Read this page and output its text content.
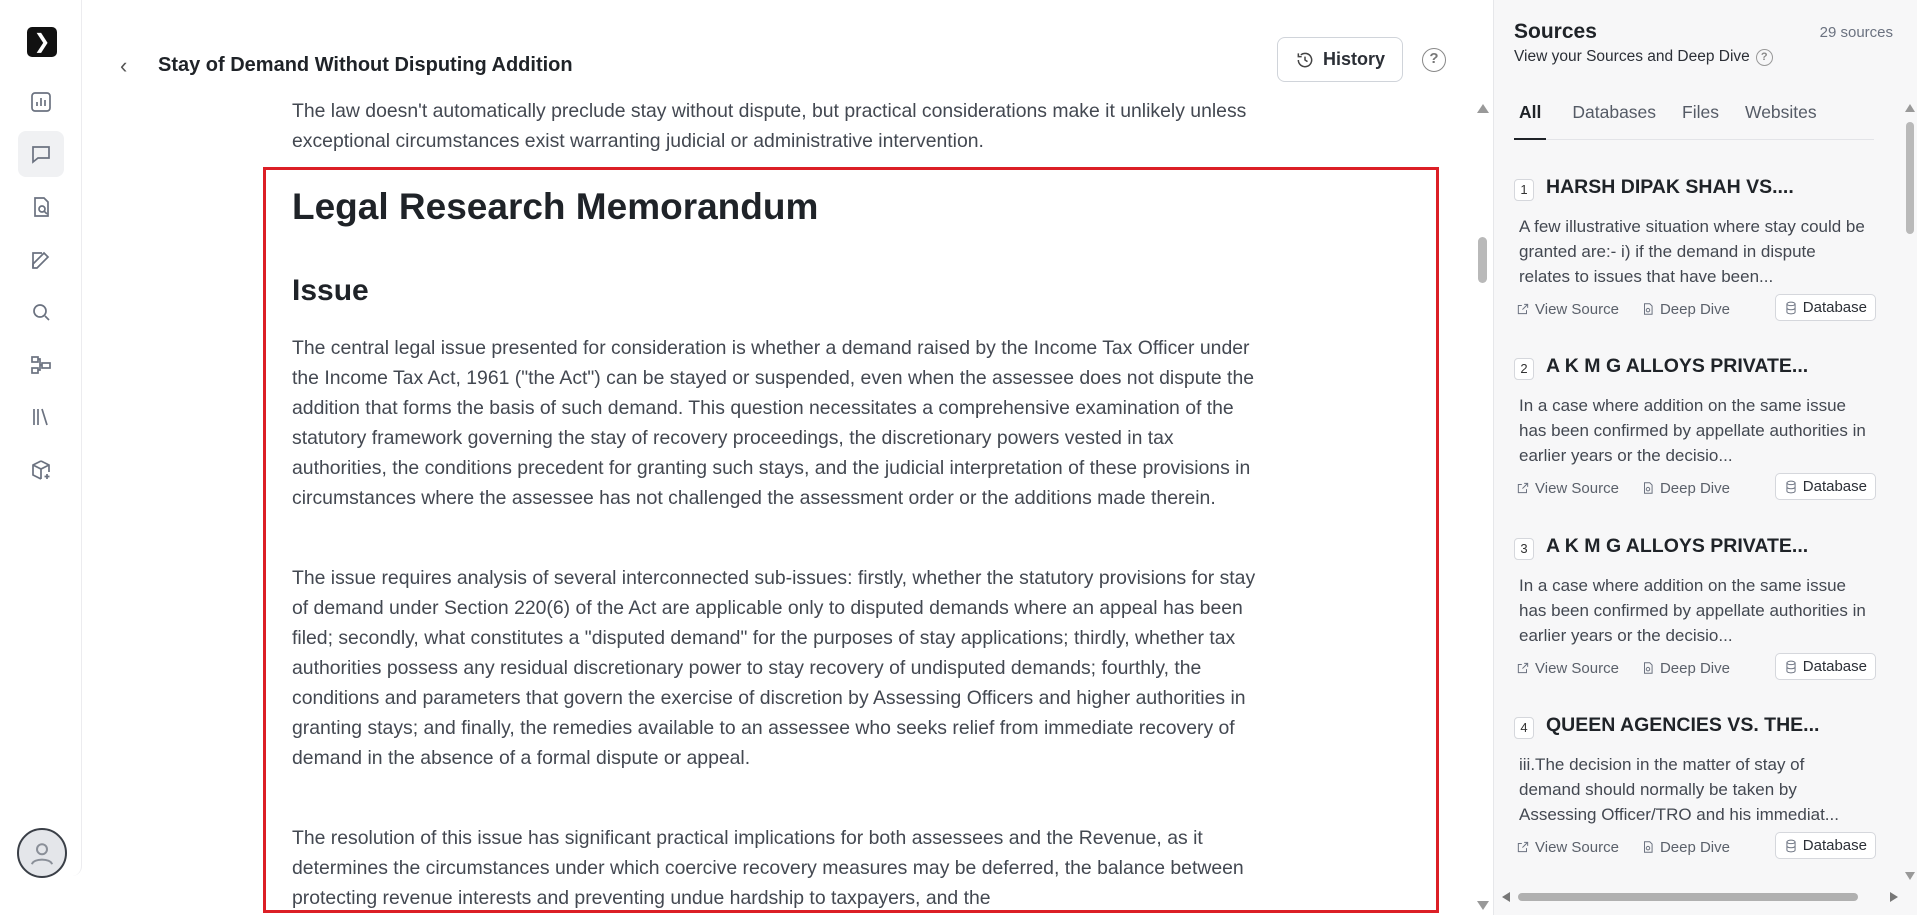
❯
‹	Stay of Demand Without Disputing Addition	History	?
The law doesn't automatically preclude stay without dispute, but practical considerations make it unlikely unless exceptional circumstances exist warranting judicial or administrative intervention.
Legal Research Memorandum
Issue
The central legal issue presented for consideration is whether a demand raised by the Income Tax Officer under the Income Tax Act, 1961 ("the Act") can be stayed or suspended, even when the assessee does not dispute the addition that forms the basis of such demand. This question necessitates a comprehensive examination of the statutory framework governing the stay of recovery proceedings, the discretionary powers vested in tax authorities, the conditions precedent for granting such stays, and the judicial interpretation of these provisions in circumstances where the assessee has not challenged the assessment order or the additions made therein.
The issue requires analysis of several interconnected sub-issues: firstly, whether the statutory provisions for stay of demand under Section 220(6) of the Act are applicable only to disputed demands where an appeal has been filed; secondly, what constitutes a "disputed demand" for the purposes of stay applications; thirdly, whether tax authorities possess any residual discretionary power to stay recovery of undisputed demands; fourthly, the conditions and parameters that govern the exercise of discretion by Assessing Officers and higher authorities in granting stays; and finally, the remedies available to an assessee who seeks relief from immediate recovery of demand in the absence of a formal dispute or appeal.
The resolution of this issue has significant practical implications for both assessees and the Revenue, as it determines the circumstances under which coercive recovery measures may be deferred, the balance between protecting revenue interests and preventing undue hardship to taxpayers, and the
Sources	29 sources
View your Sources and Deep Dive	?
All Databases Files Websites
1 HARSH DIPAK SHAH VS....
A few illustrative situation where stay could be granted are:- i) if the demand in dispute relates to issues that have been...
View Source	Deep Dive	Database
2 A K M G ALLOYS PRIVATE...
In a case where addition on the same issue has been confirmed by appellate authorities in earlier years or the decisio...
View Source	Deep Dive	Database
3 A K M G ALLOYS PRIVATE...
In a case where addition on the same issue has been confirmed by appellate authorities in earlier years or the decisio...
View Source	Deep Dive	Database
4 QUEEN AGENCIES VS. THE...
iii.The decision in the matter of stay of demand should normally be taken by Assessing Officer/TRO and his immediat...
View Source	Deep Dive	Database
